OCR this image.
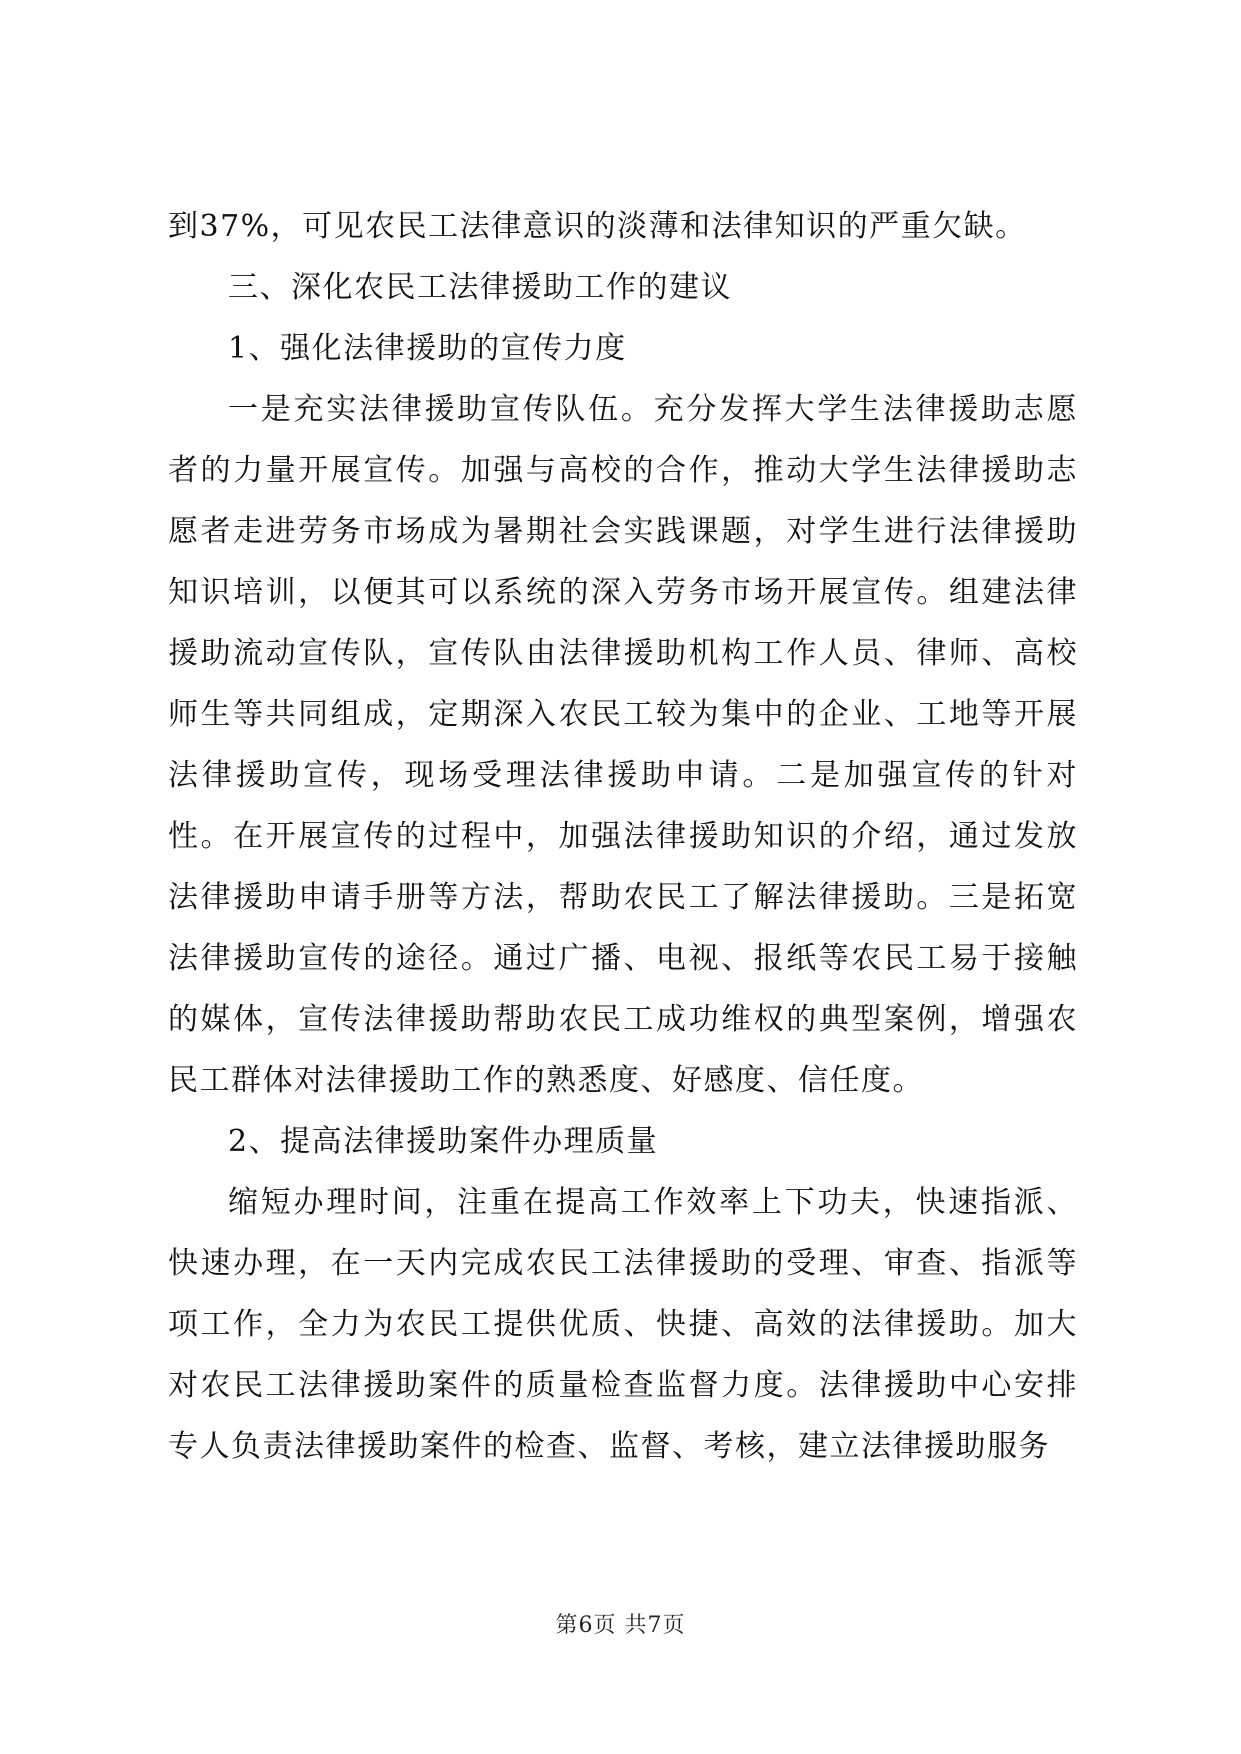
到37%，可见农民工法律意识的淡薄和法律知识的严重欠缺。

三、深化农民工法律援助工作的建议

1、强化法律援助的宣传力度

一是充实法律援助宣传队伍。充分发挥大学生法律援助志愿者的力量开展宣传。加强与高校的合作，推动大学生法律援助志愿者走进劳务市场成为暑期社会实践课题，对学生进行法律援助知识培训，以便其可以系统的深入劳务市场开展宣传。组建法律援助流动宣传队，宣传队由法律援助机构工作人员、律师、高校师生等共同组成，定期深入农民工较为集中的企业、工地等开展法律援助宣传，现场受理法律援助申请。二是加强宣传的针对性。在开展宣传的过程中，加强法律援助知识的介绍，通过发放法律援助申请手册等方法，帮助农民工了解法律援助。三是拓宽法律援助宣传的途径。通过广播、电视、报纸等农民工易于接触的媒体，宣传法律援助帮助农民工成功维权的典型案例，增强农民工群体对法律援助工作的熟悉度、好感度、信任度。

2、提高法律援助案件办理质量

缩短办理时间，注重在提高工作效率上下功夫，快速指派、快速办理，在一天内完成农民工法律援助的受理、审查、指派等项工作，全力为农民工提供优质、快捷、高效的法律援助。加大对农民工法律援助案件的质量检查监督力度。法律援助中心安排专人负责法律援助案件的检查、监督、考核，建立法律援助服务

第6页 共7页
